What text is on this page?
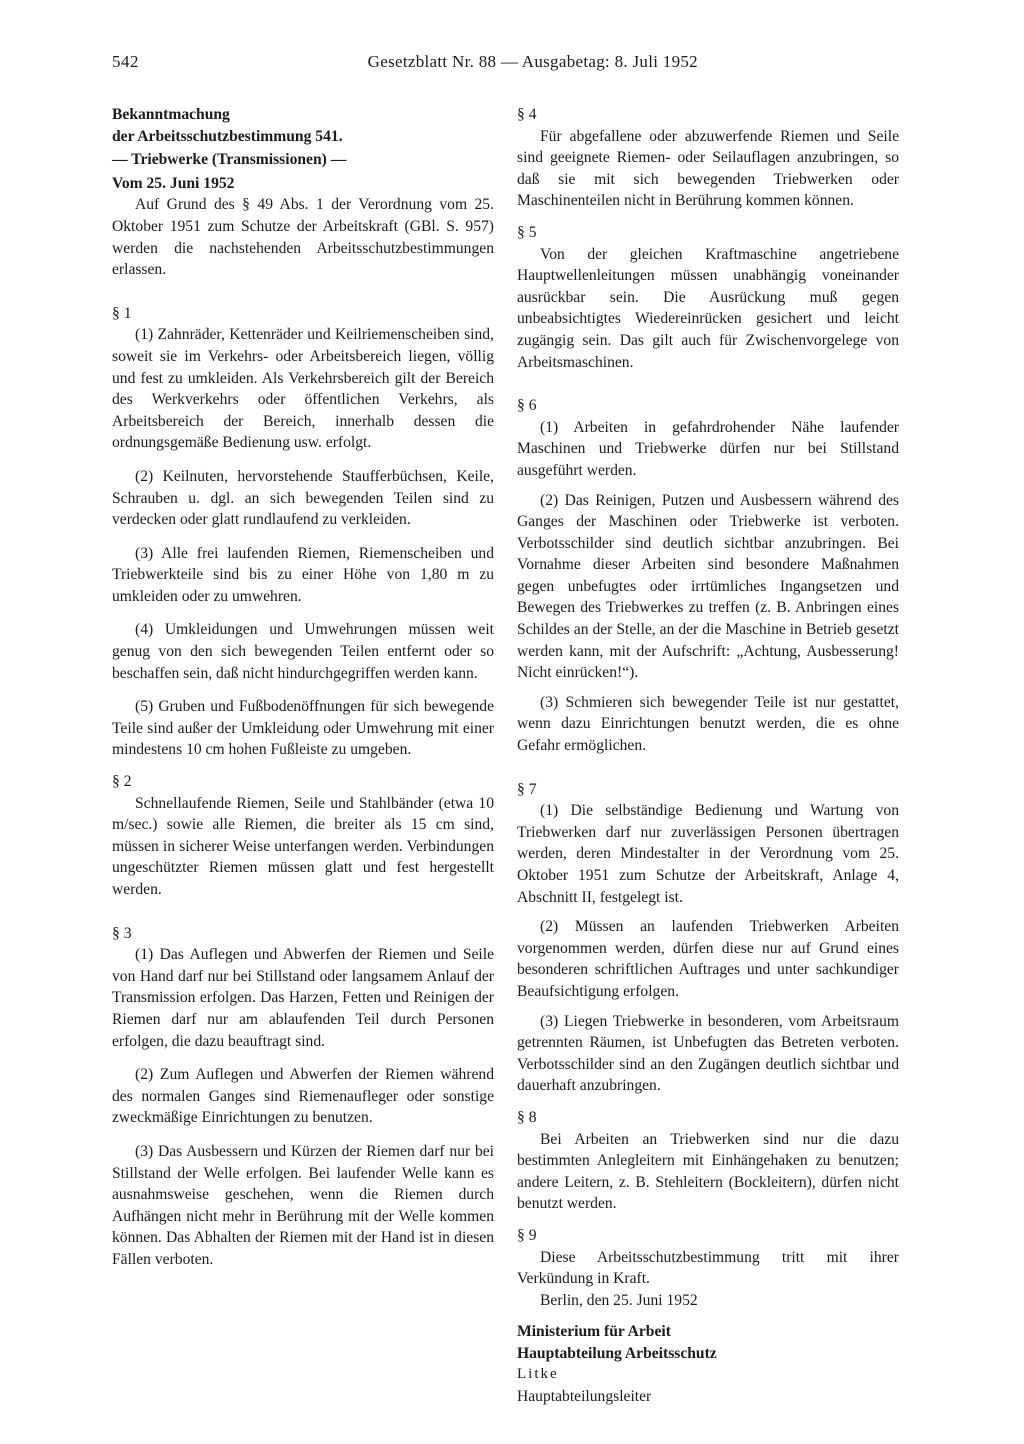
542	Gesetzblatt Nr. 88 — Ausgabetag: 8. Juli 1952

Bekanntmachung

der Arbeitsschutzbestimmung 541.

— Triebwerke (Transmissionen) —

Vom 25. Juni 1952

Auf Grund des § 49 Abs. 1 der Verordnung vom 25. Oktober 1951 zum Schutze der Arbeitskraft (GBl. S. 957) werden die nachstehenden Arbeitsschutzbestimmungen erlassen.

§ 1

(1) Zahnräder, Kettenräder und Keilriemenscheiben sind, soweit sie im Verkehrs- oder Arbeitsbereich liegen, völlig und fest zu umkleiden. Als Verkehrsbereich gilt der Bereich des Werkverkehrs oder öffentlichen Verkehrs, als Arbeitsbereich der Bereich, innerhalb dessen die ordnungsgemäße Bedienung usw. erfolgt.

(2) Keilnuten, hervorstehende Staufferbüchsen, Keile, Schrauben u. dgl. an sich bewegenden Teilen sind zu verdecken oder glatt rundlaufend zu verkleiden.

(3) Alle frei laufenden Riemen, Riemenscheiben und Triebwerkteile sind bis zu einer Höhe von 1,80 m zu umkleiden oder zu umwehren.

(4) Umkleidungen und Umwehrungen müssen weit genug von den sich bewegenden Teilen entfernt oder so beschaffen sein, daß nicht hindurchgegriffen werden kann.

(5) Gruben und Fußbodenöffnungen für sich bewegende Teile sind außer der Umkleidung oder Umwehrung mit einer mindestens 10 cm hohen Fußleiste zu umgeben.

§ 2

Schnellaufende Riemen, Seile und Stahlbänder (etwa 10 m/sec.) sowie alle Riemen, die breiter als 15 cm sind, müssen in sicherer Weise unterfangen werden. Verbindungen ungeschützter Riemen müssen glatt und fest hergestellt werden.

§ 3

(1) Das Auflegen und Abwerfen der Riemen und Seile von Hand darf nur bei Stillstand oder langsamem Anlauf der Transmission erfolgen. Das Harzen, Fetten und Reinigen der Riemen darf nur am ablaufenden Teil durch Personen erfolgen, die dazu beauftragt sind.

(2) Zum Auflegen und Abwerfen der Riemen während des normalen Ganges sind Riemenaufleger oder sonstige zweckmäßige Einrichtungen zu benutzen.

(3) Das Ausbessern und Kürzen der Riemen darf nur bei Stillstand der Welle erfolgen. Bei laufender Welle kann es ausnahmsweise geschehen, wenn die Riemen durch Aufhängen nicht mehr in Berührung mit der Welle kommen können. Das Abhalten der Riemen mit der Hand ist in diesen Fällen verboten.

§ 4

Für abgefallene oder abzuwerfende Riemen und Seile sind geeignete Riemen- oder Seilauflagen anzubringen, so daß sie mit sich bewegenden Triebwerken oder Maschinenteilen nicht in Berührung kommen können.

§ 5

Von der gleichen Kraftmaschine angetriebene Hauptwellenleitungen müssen unabhängig voneinander ausrückbar sein. Die Ausrückung muß gegen unbeabsichtigtes Wiedereinrücken gesichert und leicht zugängig sein. Das gilt auch für Zwischenvorgelege von Arbeitsmaschinen.

§ 6

(1) Arbeiten in gefahrdrohender Nähe laufender Maschinen und Triebwerke dürfen nur bei Stillstand ausgeführt werden.

(2) Das Reinigen, Putzen und Ausbessern während des Ganges der Maschinen oder Triebwerke ist verboten. Verbotsschilder sind deutlich sichtbar anzubringen. Bei Vornahme dieser Arbeiten sind besondere Maßnahmen gegen unbefugtes oder irrtümliches Ingangsetzen und Bewegen des Triebwerkes zu treffen (z. B. Anbringen eines Schildes an der Stelle, an der die Maschine in Betrieb gesetzt werden kann, mit der Aufschrift: „Achtung, Ausbesserung! Nicht einrücken!“).

(3) Schmieren sich bewegender Teile ist nur gestattet, wenn dazu Einrichtungen benutzt werden, die es ohne Gefahr ermöglichen.

§ 7

(1) Die selbständige Bedienung und Wartung von Triebwerken darf nur zuverlässigen Personen übertragen werden, deren Mindestalter in der Verordnung vom 25. Oktober 1951 zum Schutze der Arbeitskraft, Anlage 4, Abschnitt II, festgelegt ist.

(2) Müssen an laufenden Triebwerken Arbeiten vorgenommen werden, dürfen diese nur auf Grund eines besonderen schriftlichen Auftrages und unter sachkundiger Beaufsichtigung erfolgen.

(3) Liegen Triebwerke in besonderen, vom Arbeitsraum getrennten Räumen, ist Unbefugten das Betreten verboten. Verbotsschilder sind an den Zugängen deutlich sichtbar und dauerhaft anzubringen.

§ 8

Bei Arbeiten an Triebwerken sind nur die dazu bestimmten Anlegleitern mit Einhängehaken zu benutzen; andere Leitern, z. B. Stehleitern (Bockleitern), dürfen nicht benutzt werden.

§ 9

Diese Arbeitsschutzbestimmung tritt mit ihrer Verkündung in Kraft.

Berlin, den 25. Juni 1952

Ministerium für Arbeit

Hauptabteilung Arbeitsschutz

Litke

Hauptabteilungsleiter
